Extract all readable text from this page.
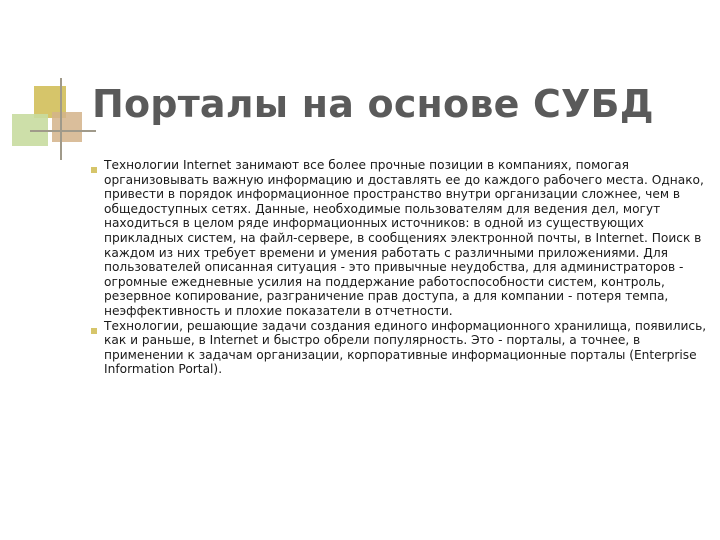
Порталы на основе СУБД
Технологии Internet занимают все более прочные позиции в компаниях, помогая организовывать важную информацию и доставлять ее до каждого рабочего места. Однако, привести в порядок информационное пространство внутри организации сложнее, чем в общедоступных сетях. Данные, необходимые пользователям для ведения дел, могут находиться в целом ряде информационных источников: в одной из существующих прикладных систем, на файл-сервере, в сообщениях электронной почты, в Internet. Поиск в каждом из них требует времени и умения работать с различными приложениями. Для пользователей описанная ситуация - это привычные неудобства, для администраторов - огромные ежедневные усилия на поддержание работоспособности систем, контроль, резервное копирование, разграничение прав доступа, а для компании - потеря темпа, неэффективность и плохие показатели в отчетности.
Технологии, решающие задачи создания единого информационного хранилища, появились, как и раньше, в Internet и быстро обрели популярность. Это - порталы, а точнее, в применении к задачам организации, корпоративные информационные порталы (Enterprise Information Portal).
